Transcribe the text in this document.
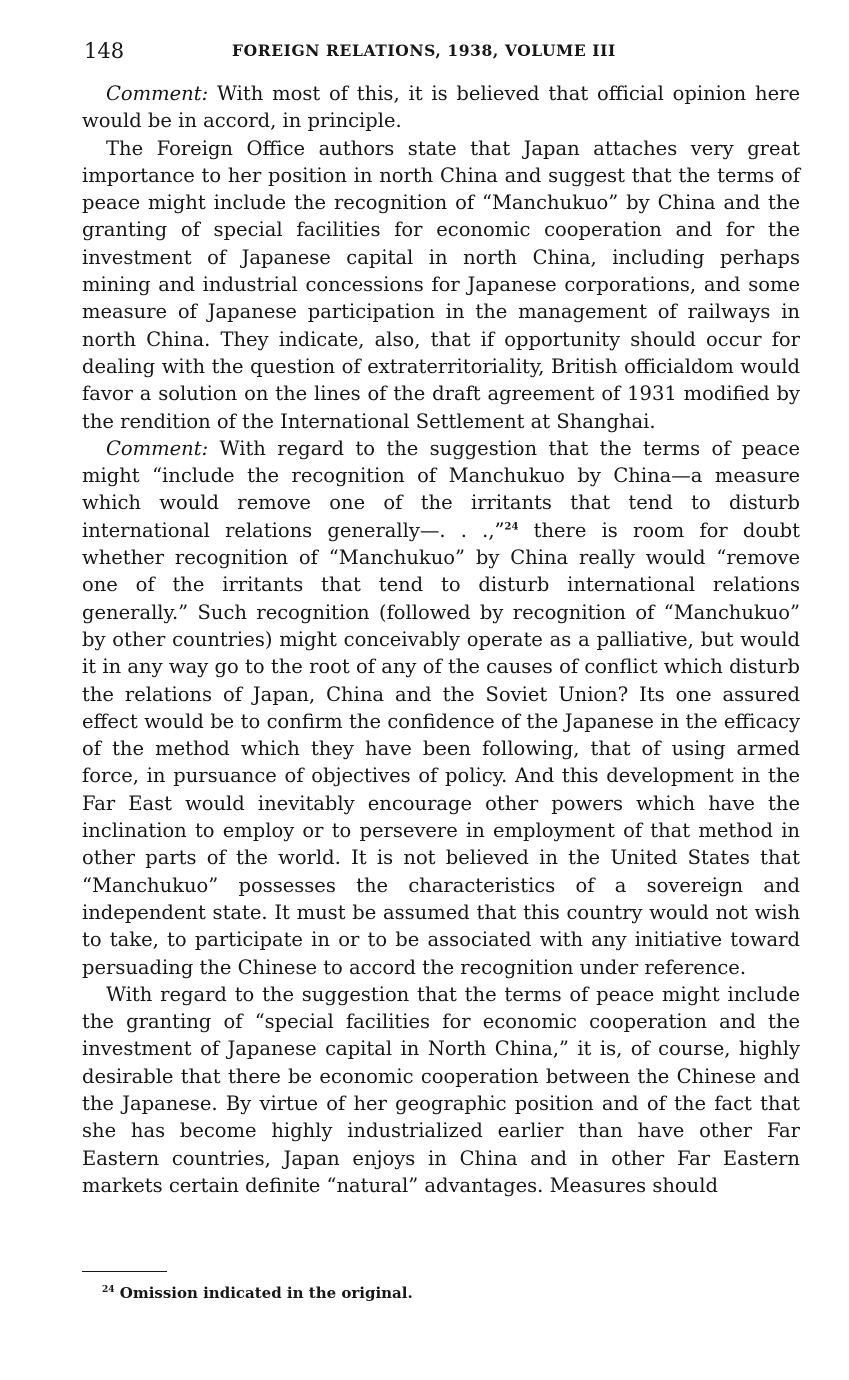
148	FOREIGN RELATIONS, 1938, VOLUME III

Comment: With most of this, it is believed that official opinion here would be in accord, in principle.

The Foreign Office authors state that Japan attaches very great importance to her position in north China and suggest that the terms of peace might include the recognition of “Manchukuo” by China and the granting of special facilities for economic cooperation and for the investment of Japanese capital in north China, including perhaps mining and industrial concessions for Japanese corporations, and some measure of Japanese participation in the management of railways in north China. They indicate, also, that if opportunity should occur for dealing with the question of extraterritoriality, British officialdom would favor a solution on the lines of the draft agreement of 1931 modified by the rendition of the International Settlement at Shanghai.

Comment: With regard to the suggestion that the terms of peace might “include the recognition of Manchukuo by China—a measure which would remove one of the irritants that tend to disturb international relations generally—. . .,”$^{24}$ there is room for doubt whether recognition of “Manchukuo” by China really would “remove one of the irritants that tend to disturb international relations generally.” Such recognition (followed by recognition of “Manchukuo” by other countries) might conceivably operate as a palliative, but would it in any way go to the root of any of the causes of conflict which disturb the relations of Japan, China and the Soviet Union? Its one assured effect would be to confirm the confidence of the Japanese in the efficacy of the method which they have been following, that of using armed force, in pursuance of objectives of policy. And this development in the Far East would inevitably encourage other powers which have the inclination to employ or to persevere in employment of that method in other parts of the world. It is not believed in the United States that “Manchukuo” possesses the characteristics of a sovereign and independent state. It must be assumed that this country would not wish to take, to participate in or to be associated with any initiative toward persuading the Chinese to accord the recognition under reference.

With regard to the suggestion that the terms of peace might include the granting of “special facilities for economic cooperation and the investment of Japanese capital in North China,” it is, of course, highly desirable that there be economic cooperation between the Chinese and the Japanese. By virtue of her geographic position and of the fact that she has become highly industrialized earlier than have other Far Eastern countries, Japan enjoys in China and in other Far Eastern markets certain definite “natural” advantages. Measures should

$^{24}$ Omission indicated in the original.
